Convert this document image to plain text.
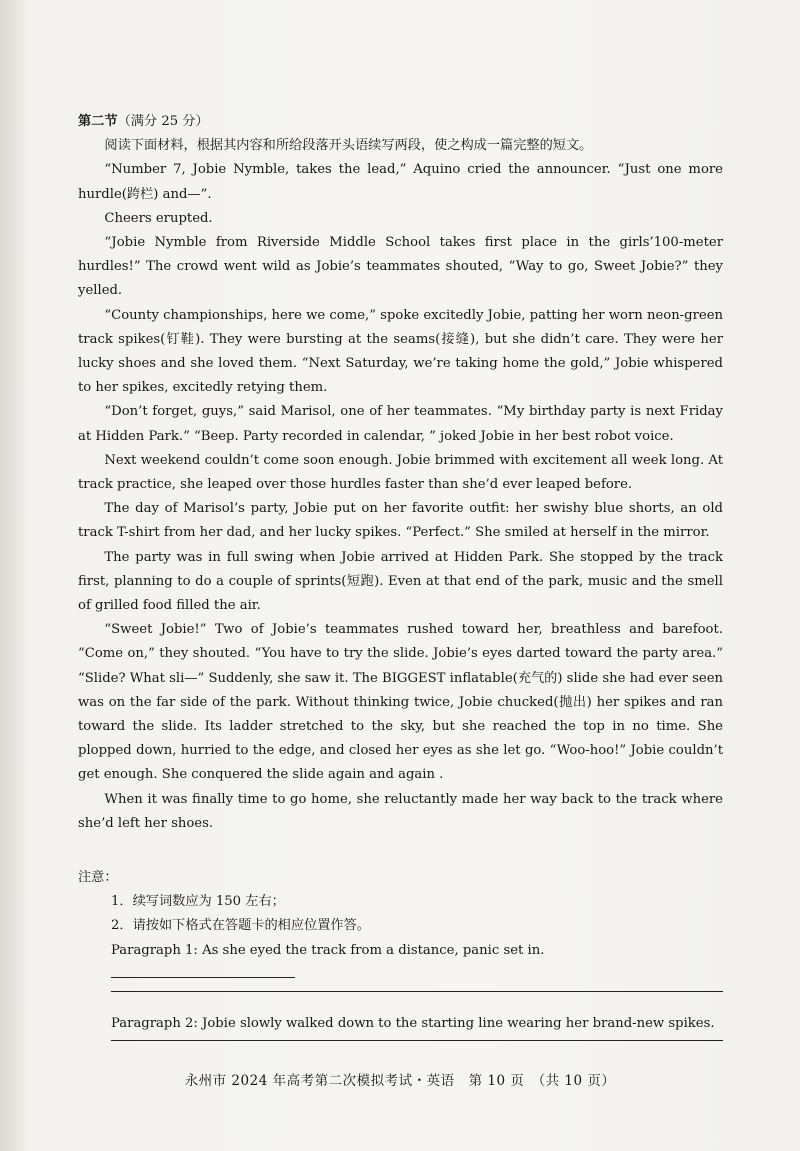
第二节（满分 25 分）

阅读下面材料，根据其内容和所给段落开头语续写两段，使之构成一篇完整的短文。

“Number 7, Jobie Nymble, takes the lead,” Aquino cried the announcer. “Just one more hurdle(跨栏) and—”.

Cheers erupted.

“Jobie Nymble from Riverside Middle School takes first place in the girls’100-meter hurdles!” The crowd went wild as Jobie’s teammates shouted, “Way to go, Sweet Jobie?” they yelled.

“County championships, here we come,” spoke excitedly Jobie, patting her worn neon-green track spikes(钉鞋). They were bursting at the seams(接缝), but she didn’t care. They were her lucky shoes and she loved them. “Next Saturday, we’re taking home the gold,” Jobie whispered to her spikes, excitedly retying them.

“Don’t forget, guys,” said Marisol, one of her teammates. “My birthday party is next Friday at Hidden Park.” “Beep. Party recorded in calendar, ” joked Jobie in her best robot voice.

Next weekend couldn’t come soon enough. Jobie brimmed with excitement all week long. At track practice, she leaped over those hurdles faster than she’d ever leaped before.

The day of Marisol’s party, Jobie put on her favorite outfit: her swishy blue shorts, an old track T-shirt from her dad, and her lucky spikes. “Perfect.” She smiled at herself in the mirror.

The party was in full swing when Jobie arrived at Hidden Park. She stopped by the track first, planning to do a couple of sprints(短跑). Even at that end of the park, music and the smell of grilled food filled the air.

“Sweet Jobie!” Two of Jobie’s teammates rushed toward her, breathless and barefoot. “Come on,” they shouted. “You have to try the slide. Jobie’s eyes darted toward the party area.” “Slide? What sli—” Suddenly, she saw it. The BIGGEST inflatable(充气的) slide she had ever seen was on the far side of the park. Without thinking twice, Jobie chucked(抛出) her spikes and ran toward the slide. Its ladder stretched to the sky, but she reached the top in no time. She plopped down, hurried to the edge, and closed her eyes as she let go. “Woo-hoo!” Jobie couldn’t get enough. She conquered the slide again and again .

When it was finally time to go home, she reluctantly made her way back to the track where she’d left her shoes.

注意：

1．续写词数应为 150 左右；

2．请按如下格式在答题卡的相应位置作答。

Paragraph 1: As she eyed the track from a distance, panic set in.

Paragraph 2: Jobie slowly walked down to the starting line wearing her brand-new spikes.

永州市 2024 年高考第二次模拟考试・英语　第 10 页　（共 10 页）
